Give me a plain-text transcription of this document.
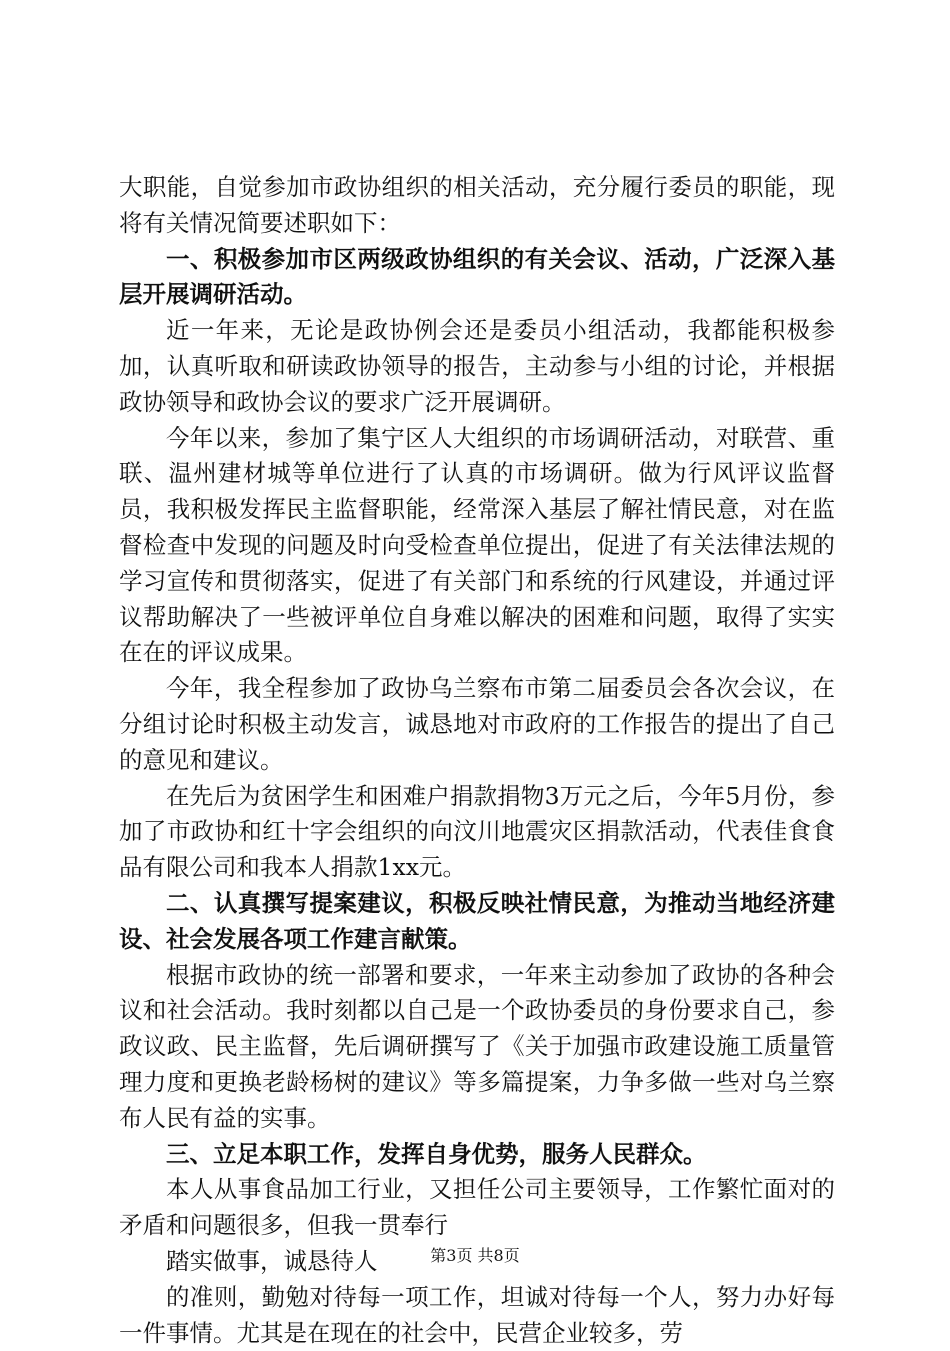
大职能，自觉参加市政协组织的相关活动，充分履行委员的职能，现将有关情况简要述职如下：

一、积极参加市区两级政协组织的有关会议、活动，广泛深入基层开展调研活动。

近一年来，无论是政协例会还是委员小组活动，我都能积极参加，认真听取和研读政协领导的报告，主动参与小组的讨论，并根据政协领导和政协会议的要求广泛开展调研。

今年以来，参加了集宁区人大组织的市场调研活动，对联营、重联、温州建材城等单位进行了认真的市场调研。做为行风评议监督员，我积极发挥民主监督职能，经常深入基层了解社情民意，对在监督检查中发现的问题及时向受检查单位提出，促进了有关法律法规的学习宣传和贯彻落实，促进了有关部门和系统的行风建设，并通过评议帮助解决了一些被评单位自身难以解决的困难和问题，取得了实实在在的评议成果。

今年，我全程参加了政协乌兰察布市第二届委员会各次会议，在分组讨论时积极主动发言，诚恳地对市政府的工作报告的提出了自己的意见和建议。

在先后为贫困学生和困难户捐款捐物3万元之后，今年5月份，参加了市政协和红十字会组织的向汶川地震灾区捐款活动，代表佳食食品有限公司和我本人捐款1xx元。

二、认真撰写提案建议，积极反映社情民意，为推动当地经济建设、社会发展各项工作建言献策。

根据市政协的统一部署和要求，一年来主动参加了政协的各种会议和社会活动。我时刻都以自己是一个政协委员的身份要求自己，参政议政、民主监督，先后调研撰写了《关于加强市政建设施工质量管理力度和更换老龄杨树的建议》等多篇提案，力争多做一些对乌兰察布人民有益的实事。

三、立足本职工作，发挥自身优势，服务人民群众。

本人从事食品加工行业，又担任公司主要领导，工作繁忙面对的矛盾和问题很多，但我一贯奉行

踏实做事，诚恳待人

的准则，勤勉对待每一项工作，坦诚对待每一个人，努力办好每一件事情。尤其是在现在的社会中，民营企业较多，劳

第3页 共8页
